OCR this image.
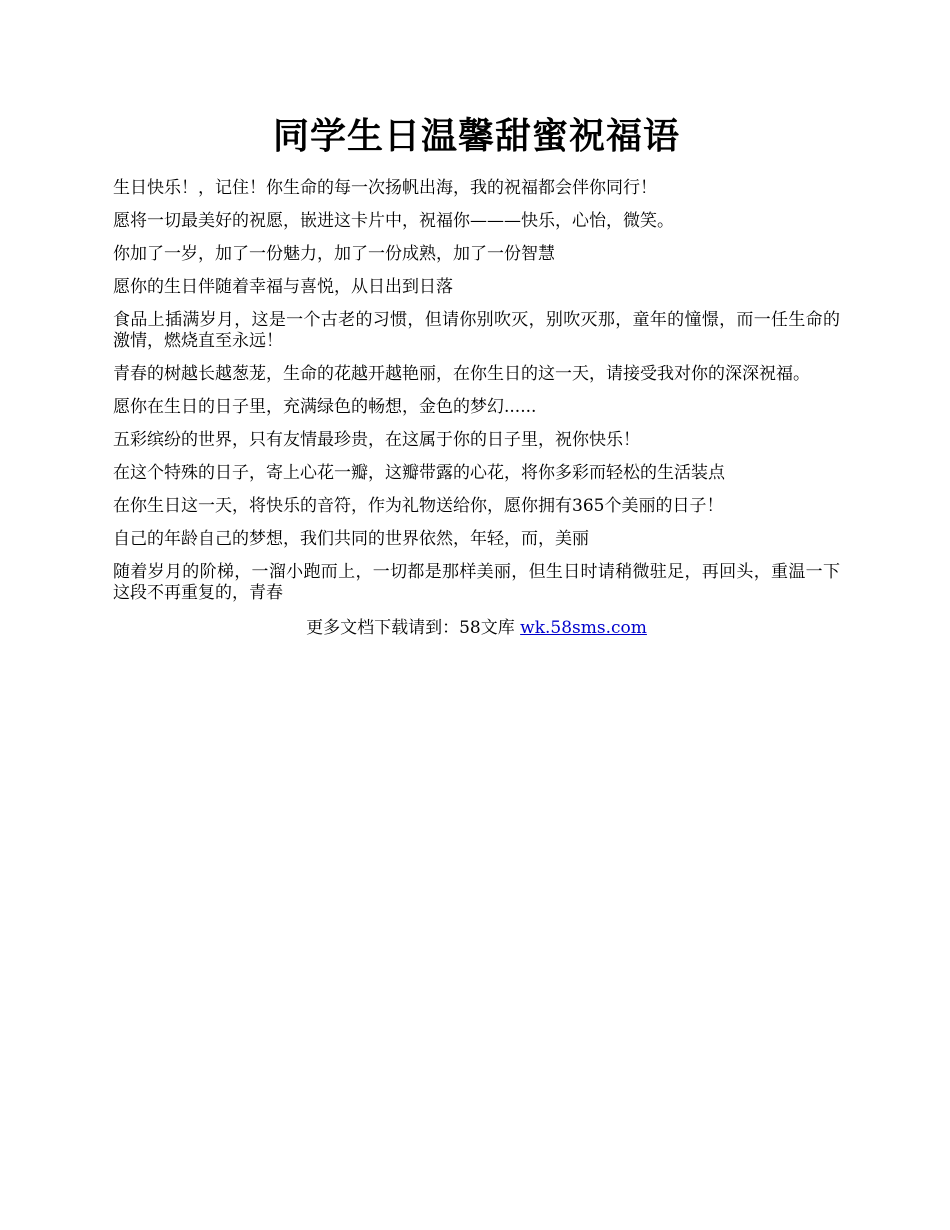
同学生日温馨甜蜜祝福语

生日快乐！，记住！你生命的每一次扬帆出海，我的祝福都会伴你同行！

愿将一切最美好的祝愿，嵌进这卡片中，祝福你———快乐，心怡，微笑。

你加了一岁，加了一份魅力，加了一份成熟，加了一份智慧

愿你的生日伴随着幸福与喜悦，从日出到日落

食品上插满岁月，这是一个古老的习惯，但请你别吹灭，别吹灭那，童年的憧憬，而一任生命的激情，燃烧直至永远！

青春的树越长越葱茏，生命的花越开越艳丽，在你生日的这一天，请接受我对你的深深祝福。

愿你在生日的日子里，充满绿色的畅想，金色的梦幻......

五彩缤纷的世界，只有友情最珍贵，在这属于你的日子里，祝你快乐！

在这个特殊的日子，寄上心花一瓣，这瓣带露的心花，将你多彩而轻松的生活装点

在你生日这一天，将快乐的音符，作为礼物送给你，愿你拥有365个美丽的日子！

自己的年龄自己的梦想，我们共同的世界依然，年轻，而，美丽

随着岁月的阶梯，一溜小跑而上，一切都是那样美丽，但生日时请稍微驻足，再回头，重温一下这段不再重复的，青春

更多文档下载请到：58文库 wk.58sms.com
